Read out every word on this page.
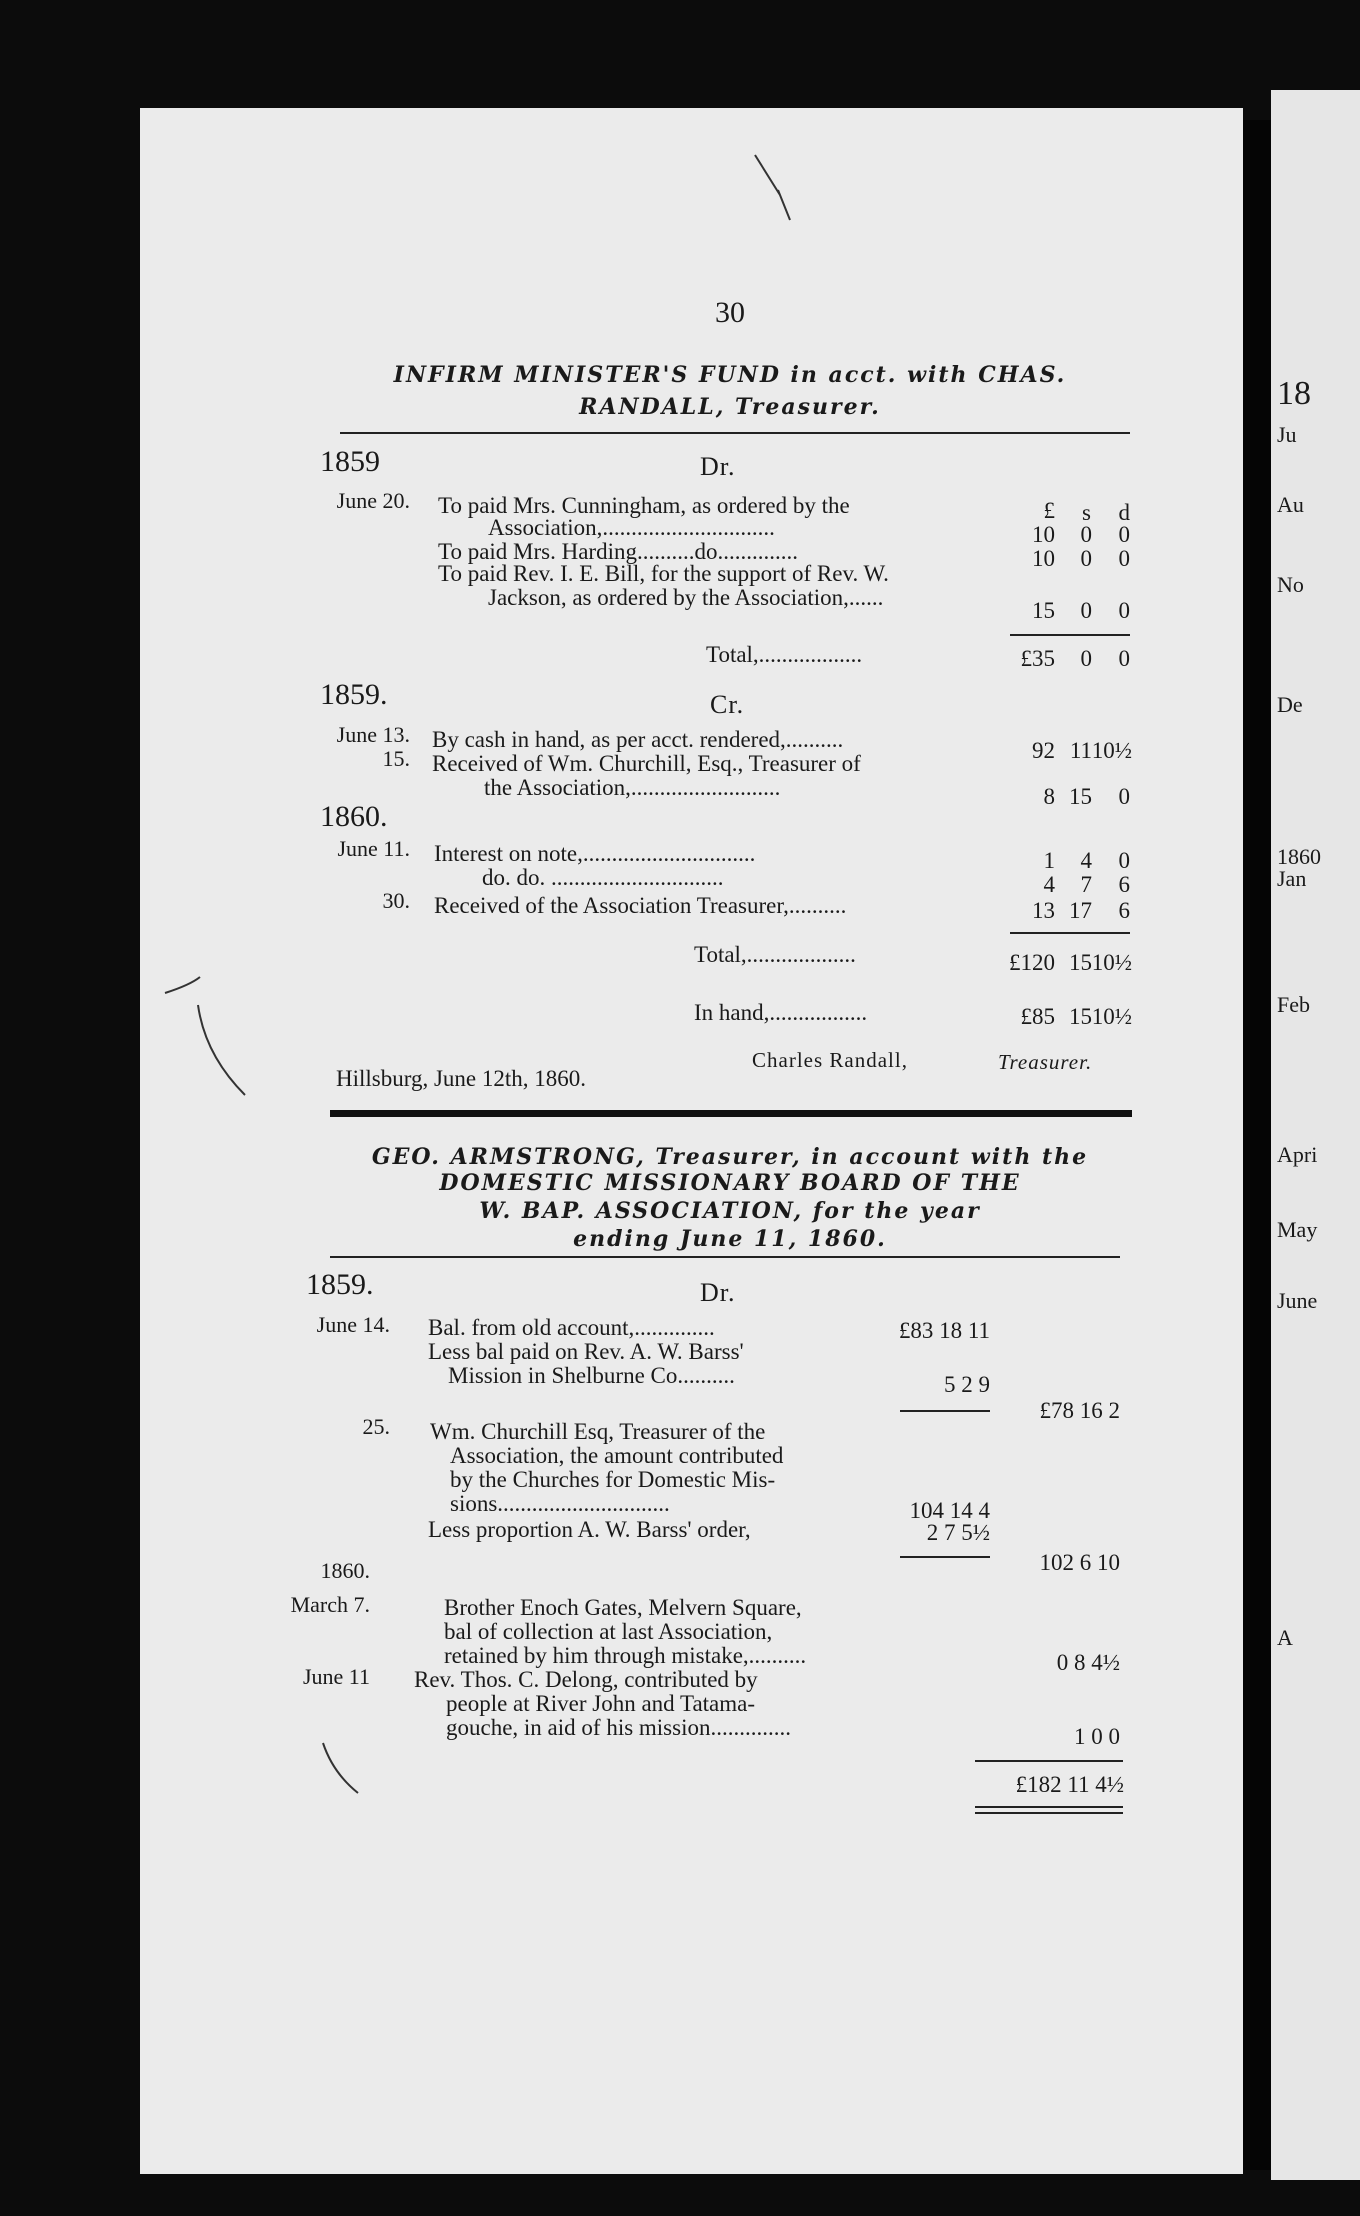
18
Ju
Au
No
De
1860
Jan
Feb
Apri
May
June
A
30
INFIRM MINISTER'S FUND in acct. with CHAS.
RANDALL, Treasurer.
1859	Dr.
£	s	d
June 20. To paid Mrs. Cunningham, as ordered by the
Association,..............................	10	0	0
To paid Mrs. Harding..........do..............	10	0	0
To paid Rev. I. E. Bill, for the support of Rev. W.
Jackson, as ordered by the Association,......
15	0	0
Total,..................	£35	0	0
1859.	Cr.
June 13. By cash in hand, as per acct. rendered,..........	92 11 10½
15. Received of Wm. Churchill, Esq., Treasurer of
the Association,..........................	8 15	0
1860.
June 11. Interest on note,..............................	1	4	0
do. do. ..............................	4	7	6
30. Received of the Association Treasurer,..........	13 17	6
Total,...................	£120 15 10½
In hand,.................	£85 15 10½
Charles Randall,	Treasurer.
Hillsburg, June 12th, 1860.
GEO. ARMSTRONG, Treasurer, in account with the
DOMESTIC MISSIONARY BOARD OF THE
W. BAP. ASSOCIATION, for the year
ending June 11, 1860.
1859.	Dr.
June 14. Bal. from old account,..............	£83 18 11
Less bal paid on Rev. A. W. Barss'
Mission in Shelburne Co..........	5 2 9
£78 16 2
25. Wm. Churchill Esq, Treasurer of the
Association, the amount contributed
by the Churches for Domestic Mis-
sions..............................	104 14 4
Less proportion A. W. Barss' order,	2 7 5½
102 6 10
1860.
March 7.	Brother Enoch Gates, Melvern Square,
bal of collection at last Association,
retained by him through mistake,..........	0 8 4½
June 11 Rev. Thos. C. Delong, contributed by
people at River John and Tatama-
gouche, in aid of his mission..............	1 0 0
£182 11 4½
